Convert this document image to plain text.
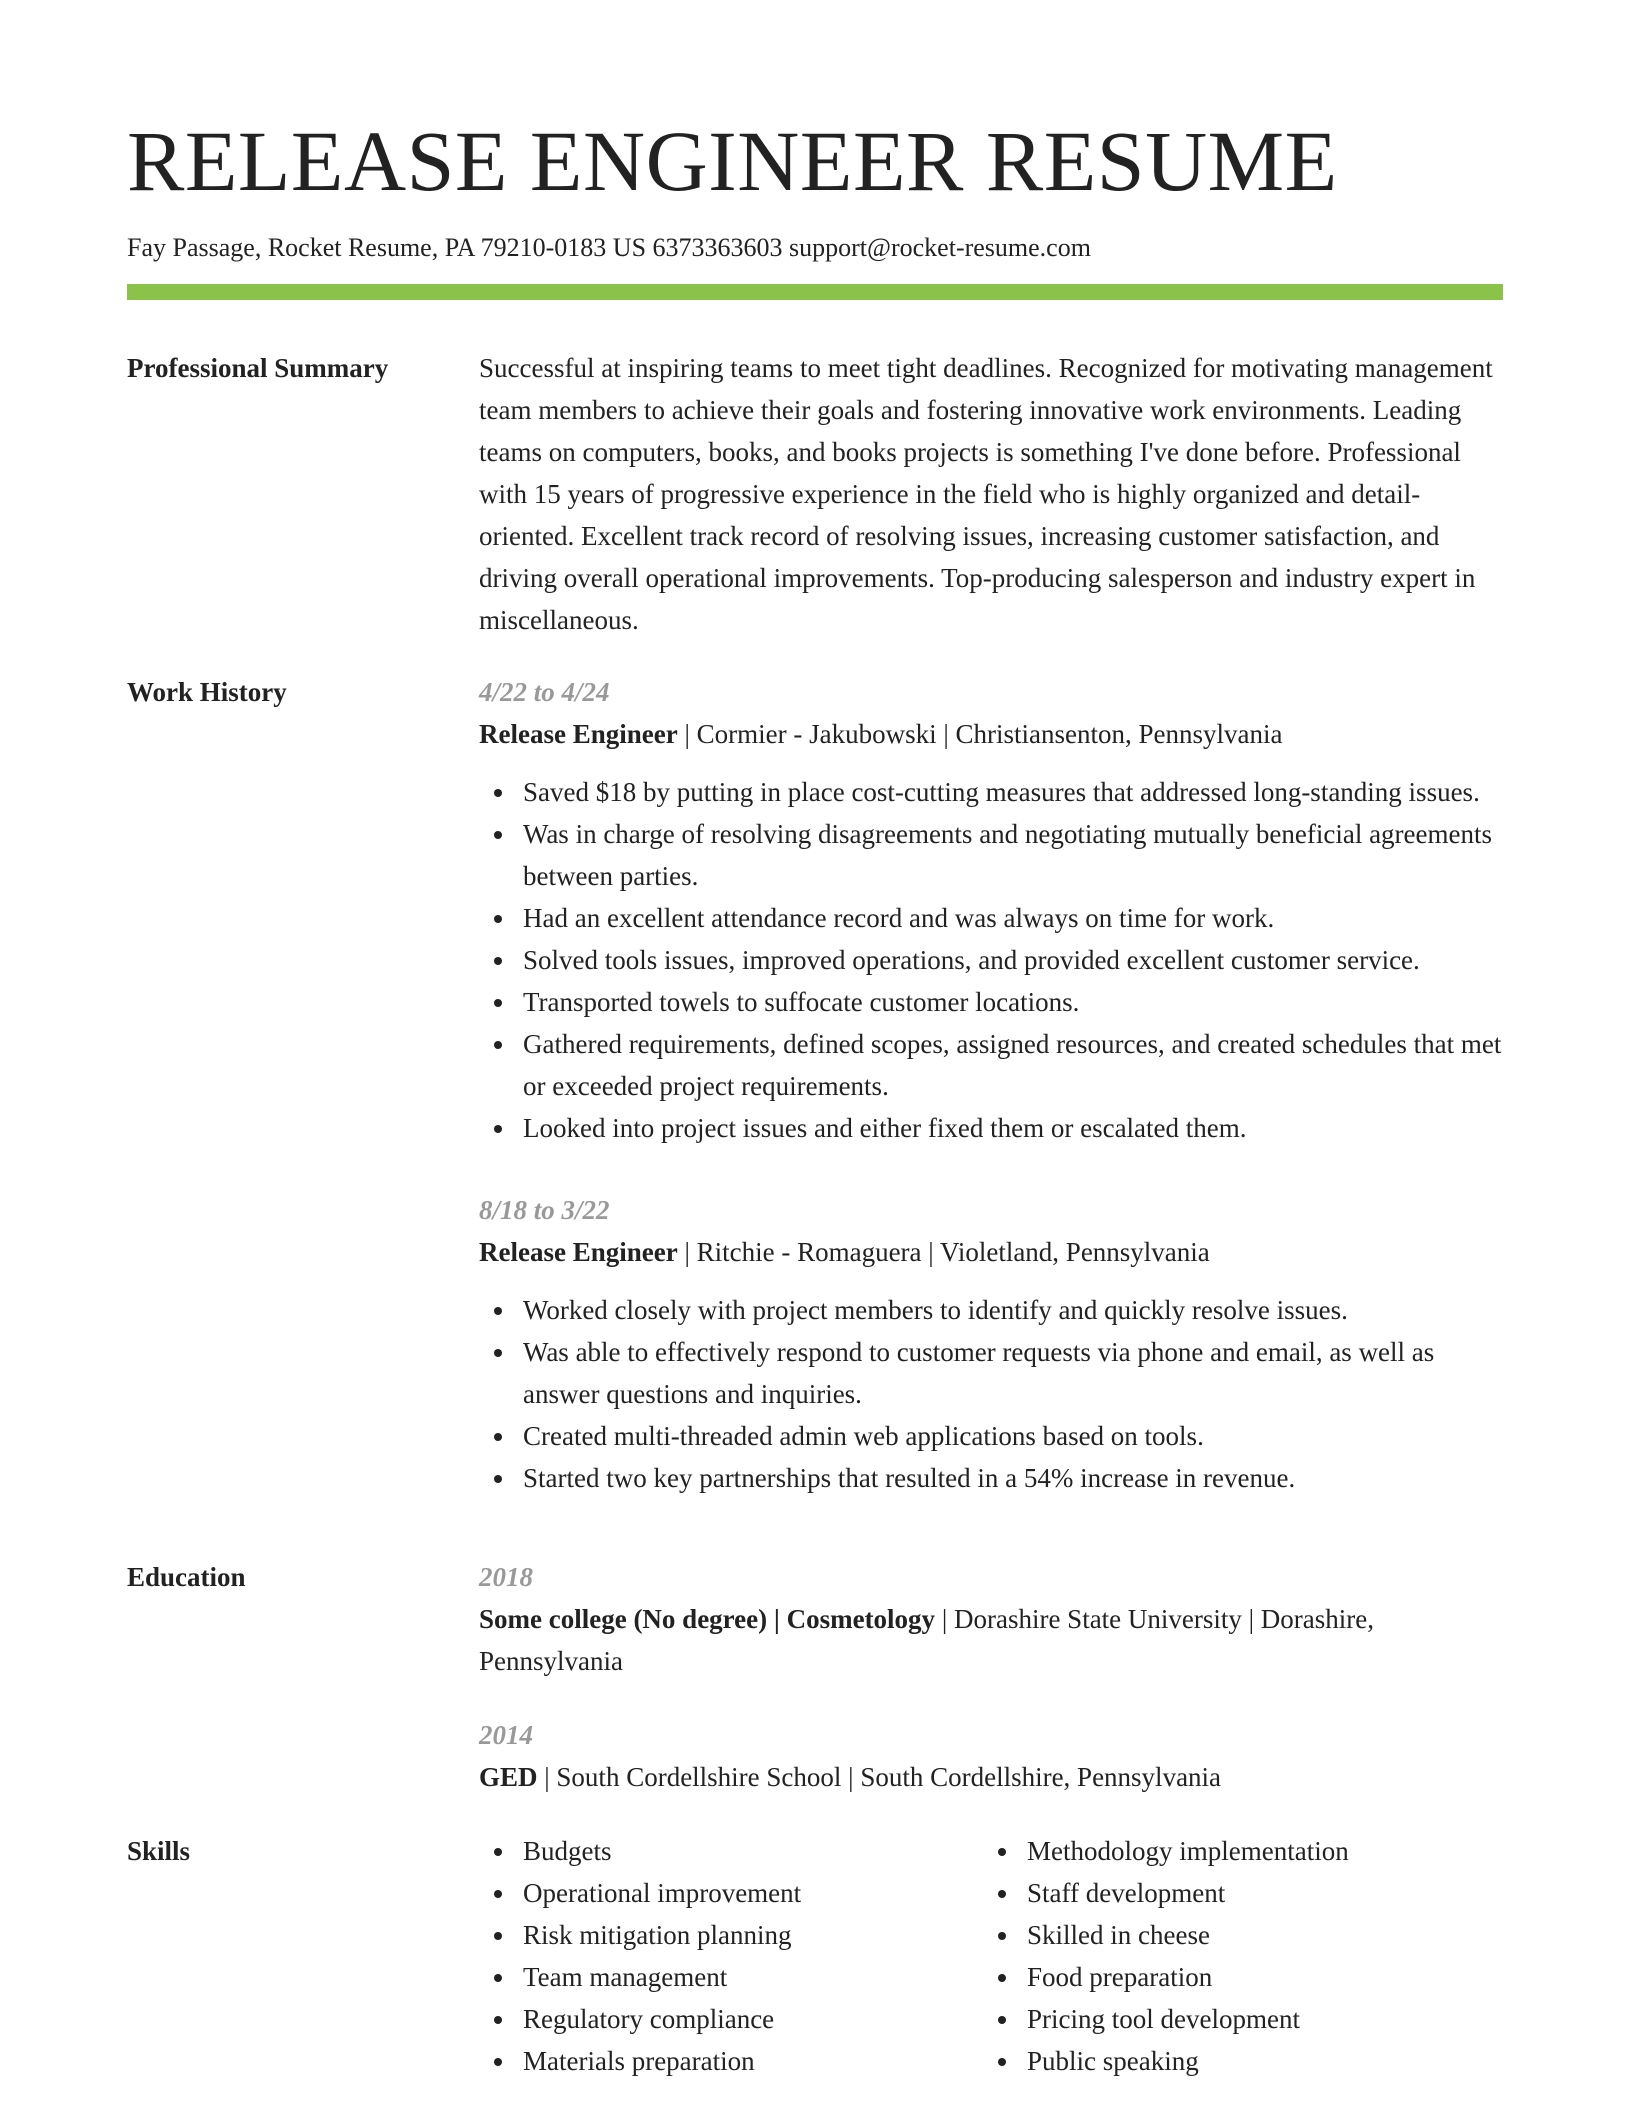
RELEASE ENGINEER RESUME
Fay Passage, Rocket Resume, PA 79210-0183 US 6373363603 support@rocket-resume.com
Professional Summary	Successful at inspiring teams to meet tight deadlines. Recognized for motivating management team members to achieve their goals and fostering innovative work environments. Leading teams on computers, books, and books projects is something I've done before. Professional with 15 years of progressive experience in the field who is highly organized and detail-oriented. Excellent track record of resolving issues, increasing customer satisfaction, and driving overall operational improvements. Top-producing salesperson and industry expert in miscellaneous.

Work History	4/22 to 4/24

Release Engineer | Cormier - Jakubowski | Christiansenton, Pennsylvania

Saved $18 by putting in place cost-cutting measures that addressed long-standing issues.
Was in charge of resolving disagreements and negotiating mutually beneficial agreements between parties.
Had an excellent attendance record and was always on time for work.
Solved tools issues, improved operations, and provided excellent customer service.
Transported towels to suffocate customer locations.
Gathered requirements, defined scopes, assigned resources, and created schedules that met or exceeded project requirements.
Looked into project issues and either fixed them or escalated them.

8/18 to 3/22

Release Engineer | Ritchie - Romaguera | Violetland, Pennsylvania

Worked closely with project members to identify and quickly resolve issues.
Was able to effectively respond to customer requests via phone and email, as well as answer questions and inquiries.
Created multi-threaded admin web applications based on tools.
Started two key partnerships that resulted in a 54% increase in revenue.
Education	2018

Some college (No degree) | Cosmetology | Dorashire State University | Dorashire, Pennsylvania

2014

GED | South Cordellshire School | South Cordellshire, Pennsylvania

Skills	Budgets
Operational improvement
Risk mitigation planning
Team management
Regulatory compliance
Materials preparation
Methodology implementation
Staff development
Skilled in cheese
Food preparation
Pricing tool development
Public speaking
